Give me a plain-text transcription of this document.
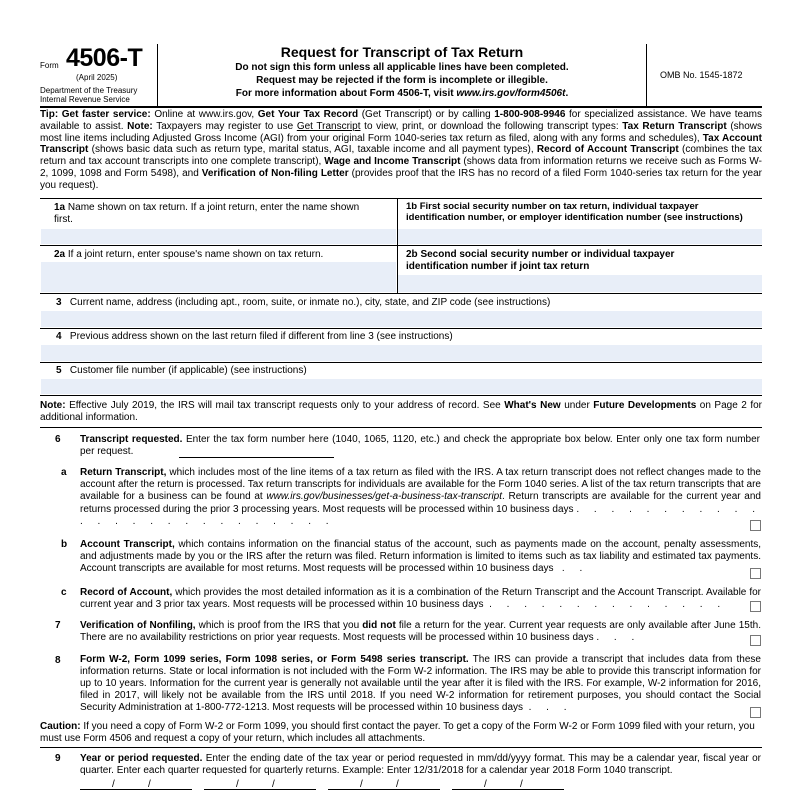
Form 4506-T
(April 2025)
Department of the Treasury
Internal Revenue Service
Request for Transcript of Tax Return
Do not sign this form unless all applicable lines have been completed.
Request may be rejected if the form is incomplete or illegible.
For more information about Form 4506-T, visit www.irs.gov/form4506t.
OMB No. 1545-1872
Tip: Get faster service: Online at www.irs.gov, Get Your Tax Record (Get Transcript) or by calling 1-800-908-9946 for specialized assistance. We have teams available to assist. Note: Taxpayers may register to use Get Transcript to view, print, or download the following transcript types: Tax Return Transcript (shows most line items including Adjusted Gross Income (AGI) from your original Form 1040-series tax return as filed, along with any forms and schedules), Tax Account Transcript (shows basic data such as return type, marital status, AGI, taxable income and all payment types), Record of Account Transcript (combines the tax return and tax account transcripts into one complete transcript), Wage and Income Transcript (shows data from information returns we receive such as Forms W-2, 1099, 1098 and Form 5498), and Verification of Non-filing Letter (provides proof that the IRS has no record of a filed Form 1040-series tax return for the year you request).
1a Name shown on tax return. If a joint return, enter the name shown first.
1b First social security number on tax return, individual taxpayer identification number, or employer identification number (see instructions)
2a If a joint return, enter spouse's name shown on tax return.	2b Second social security number or individual taxpayer identification number if joint tax return
3 Current name, address (including apt., room, suite, or inmate no.), city, state, and ZIP code (see instructions)
4 Previous address shown on the last return filed if different from line 3 (see instructions)
5 Customer file number (if applicable) (see instructions)
Note: Effective July 2019, the IRS will mail tax transcript requests only to your address of record. See What's New under Future Developments on Page 2 for additional information.
6 Transcript requested. Enter the tax form number here (1040, 1065, 1120, etc.) and check the appropriate box below. Enter only one tax form number per request.
a Return Transcript, which includes most of the line items of a tax return as filed with the IRS. A tax return transcript does not reflect changes made to the account after the return is processed. Tax return transcripts for individuals are available for the Form 1040 series. A list of the tax return transcripts that are available for a business can be found at www.irs.gov/businesses/get-a-business-tax-transcript. Return transcripts are available for the current year and returns processed during the prior 3 processing years. Most requests will be processed within 10 business days . . . . . . . . . . . . . . . . . . . . . . . . . .
b Account Transcript, which contains information on the financial status of the account, such as payments made on the account, penalty assessments, and adjustments made by you or the IRS after the return was filed. Return information is limited to items such as tax liability and estimated tax payments. Account transcripts are available for most returns. Most requests will be processed within 10 business days . .
c Record of Account, which provides the most detailed information as it is a combination of the Return Transcript and the Account Transcript. Available for current year and 3 prior tax years. Most requests will be processed within 10 business days . . . . . . . . . . . . . .
7 Verification of Nonfiling, which is proof from the IRS that you did not file a return for the year. Current year requests are only available after June 15th. There are no availability restrictions on prior year requests. Most requests will be processed within 10 business days . . .
8 Form W-2, Form 1099 series, Form 1098 series, or Form 5498 series transcript. The IRS can provide a transcript that includes data from these information returns. State or local information is not included with the Form W-2 information. The IRS may be able to provide this transcript information for up to 10 years. Information for the current year is generally not available until the year after it is filed with the IRS. For example, W-2 information for 2016, filed in 2017, will likely not be available from the IRS until 2018. If you need W-2 information for retirement purposes, you should contact the Social Security Administration at 1-800-772-1213. Most requests will be processed within 10 business days . . .
Caution: If you need a copy of Form W-2 or Form 1099, you should first contact the payer. To get a copy of the Form W-2 or Form 1099 filed with your return, you must use Form 4506 and request a copy of your return, which includes all attachments.
9 Year or period requested. Enter the ending date of the tax year or period requested in mm/dd/yyyy format. This may be a calendar year, fiscal year or quarter. Enter each quarter requested for quarterly returns. Example: Enter 12/31/2018 for a calendar year 2018 Form 1040 transcript.
/	/	/	/	/	/	/	/
